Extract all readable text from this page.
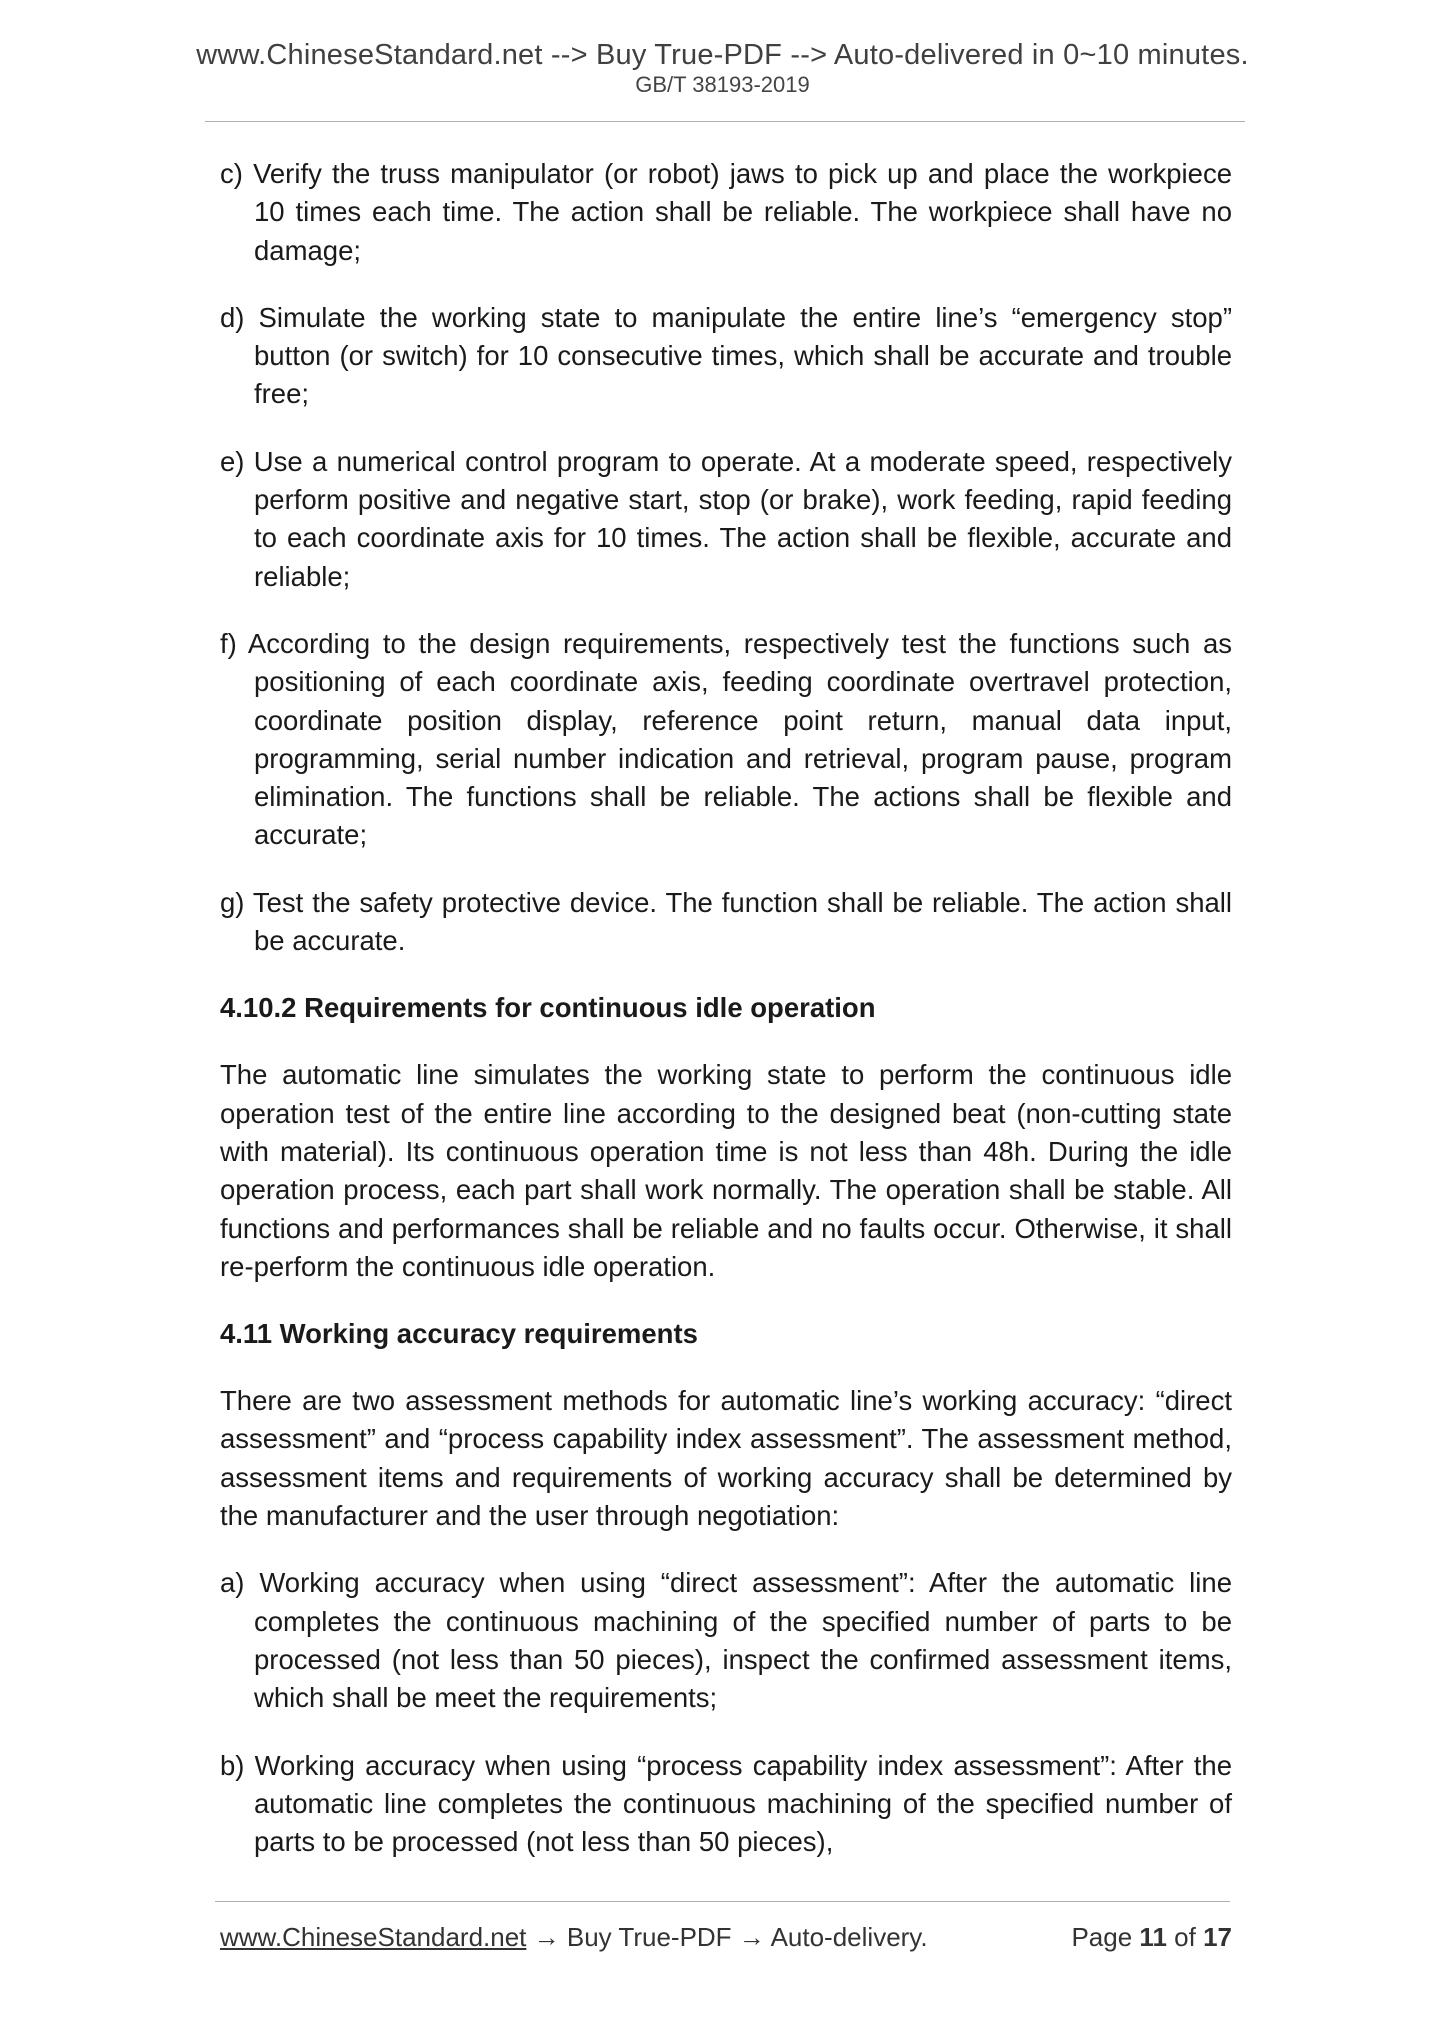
www.ChineseStandard.net --> Buy True-PDF --> Auto-delivered in 0~10 minutes.
GB/T 38193-2019

c) Verify the truss manipulator (or robot) jaws to pick up and place the workpiece 10 times each time. The action shall be reliable. The workpiece shall have no damage;

d) Simulate the working state to manipulate the entire line’s “emergency stop” button (or switch) for 10 consecutive times, which shall be accurate and trouble free;

e) Use a numerical control program to operate. At a moderate speed, respectively perform positive and negative start, stop (or brake), work feeding, rapid feeding to each coordinate axis for 10 times. The action shall be flexible, accurate and reliable;

f) According to the design requirements, respectively test the functions such as positioning of each coordinate axis, feeding coordinate overtravel protection, coordinate position display, reference point return, manual data input, programming, serial number indication and retrieval, program pause, program elimination. The functions shall be reliable. The actions shall be flexible and accurate;

g) Test the safety protective device. The function shall be reliable. The action shall be accurate.

4.10.2 Requirements for continuous idle operation

The automatic line simulates the working state to perform the continuous idle operation test of the entire line according to the designed beat (non-cutting state with material). Its continuous operation time is not less than 48h. During the idle operation process, each part shall work normally. The operation shall be stable. All functions and performances shall be reliable and no faults occur. Otherwise, it shall re-perform the continuous idle operation.

4.11 Working accuracy requirements

There are two assessment methods for automatic line’s working accuracy: “direct assessment” and “process capability index assessment”. The assessment method, assessment items and requirements of working accuracy shall be determined by the manufacturer and the user through negotiation:

a) Working accuracy when using “direct assessment”: After the automatic line completes the continuous machining of the specified number of parts to be processed (not less than 50 pieces), inspect the confirmed assessment items, which shall be meet the requirements;

b) Working accuracy when using “process capability index assessment”: After the automatic line completes the continuous machining of the specified number of parts to be processed (not less than 50 pieces),

www.ChineseStandard.net → Buy True-PDF → Auto-delivery.	Page 11 of 17
